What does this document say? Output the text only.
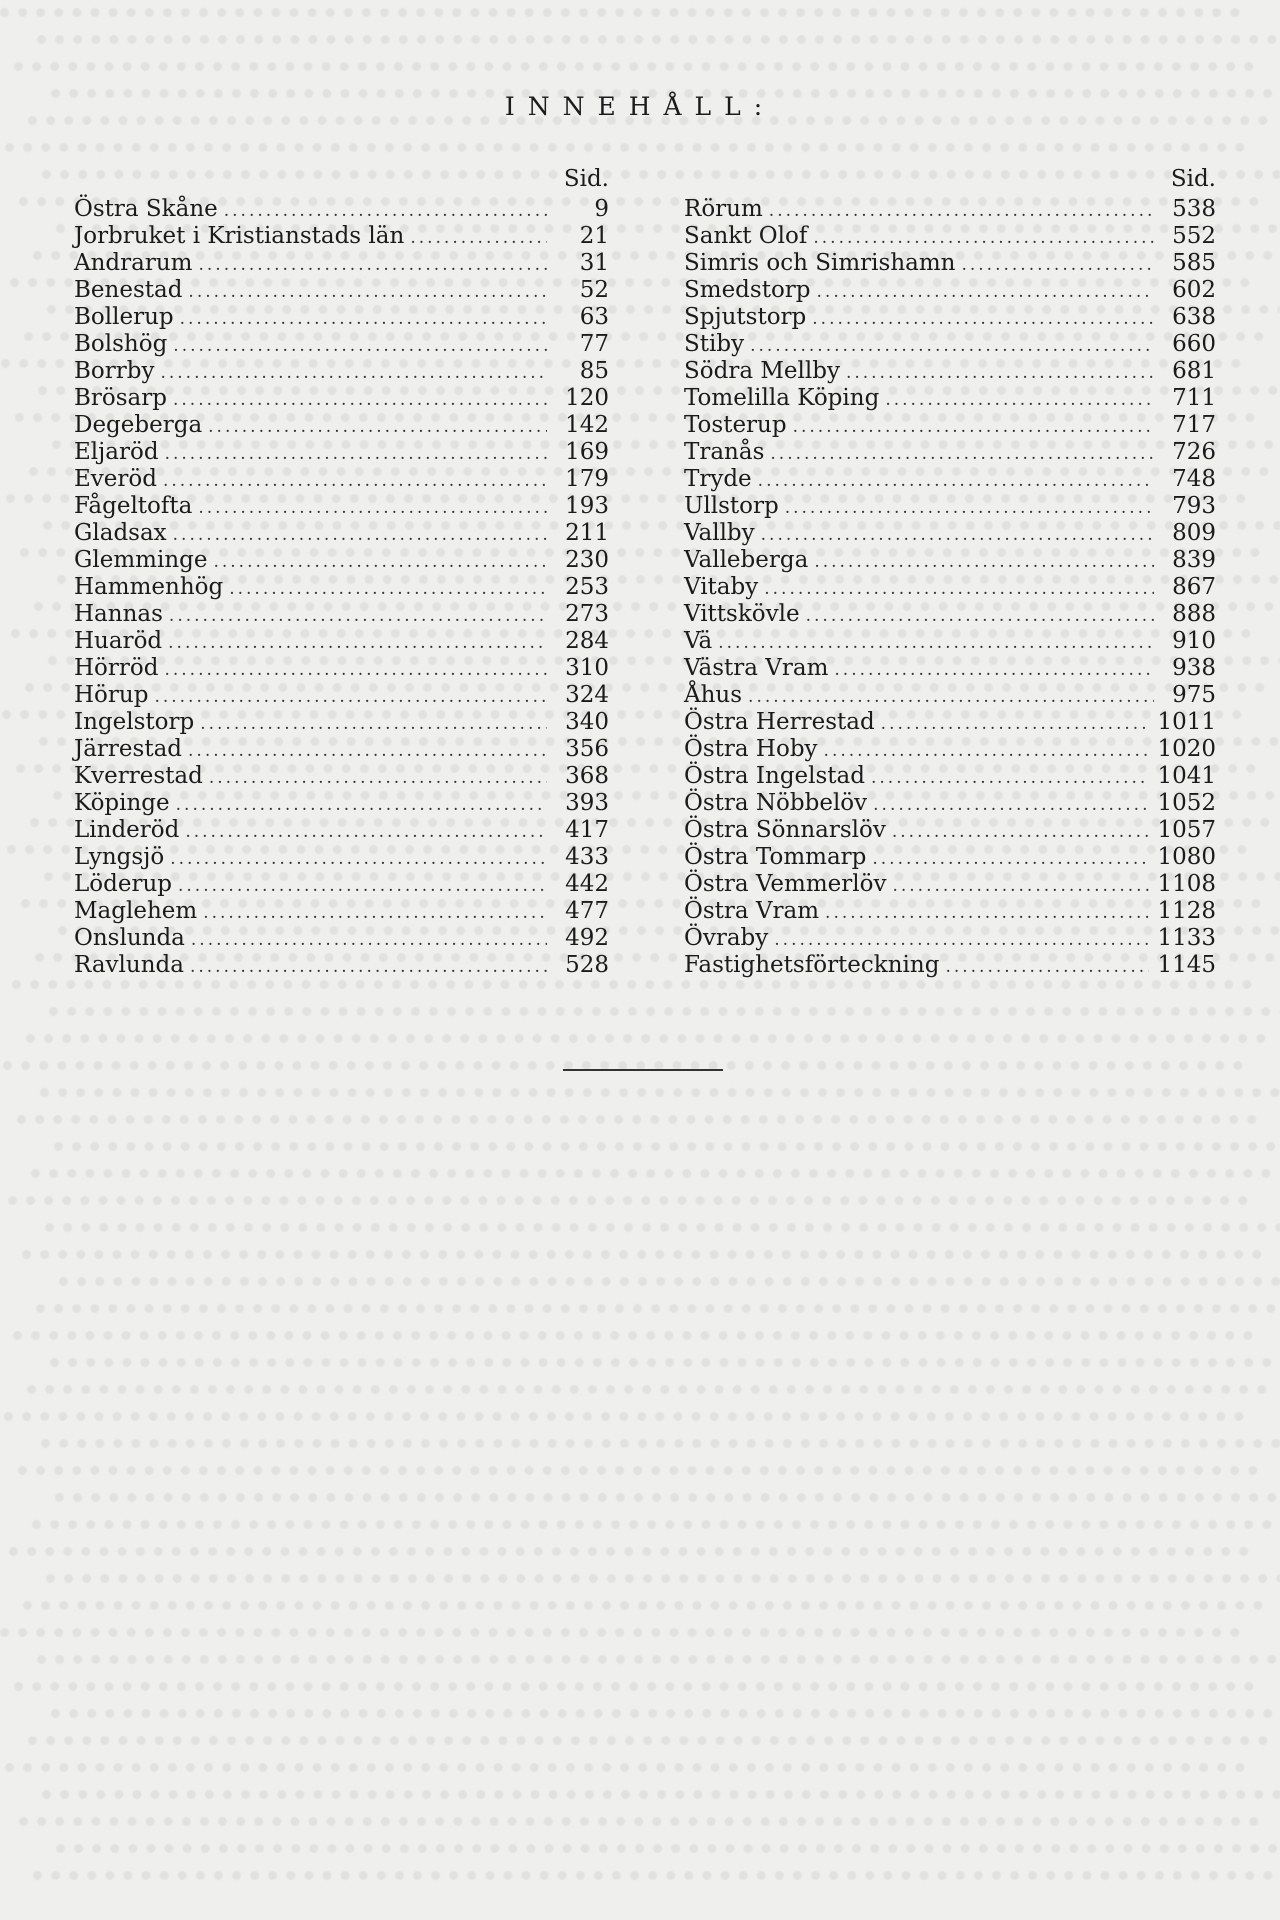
INNEHÅLL:
Sid.
Östra Skåne .....	9
Jorbruket i Kristianstads län .....	21
Andrarum .....	31
Benestad .....	52
Bollerup .....	63
Bolshög .....	77
Borrby .....	85
Brösarp .....	120
Degeberga .....	142
Eljaröd .....	169
Everöd .....	179
Fågeltofta .....	193
Gladsax .....	211
Glemminge .....	230
Hammenhög .....	253
Hannas .....	273
Huaröd .....	284
Hörröd .....	310
Hörup .....	324
Ingelstorp .....	340
Järrestad .....	356
Kverrestad .....	368
Köpinge .....	393
Linderöd .....	417
Lyngsjö .....	433
Löderup .....	442
Maglehem .....	477
Onslunda .....	492
Ravlunda .....	528
Sid.
Rörum .....	538
Sankt Olof .....	552
Simris och Simrishamn .....	585
Smedstorp .....	602
Spjutstorp .....	638
Stiby .....	660
Södra Mellby .....	681
Tomelilla Köping .....	711
Tosterup .....	717
Tranås .....	726
Tryde .....	748
Ullstorp .....	793
Vallby .....	809
Valleberga .....	839
Vitaby .....	867
Vittskövle .....	888
Vä .....	910
Västra Vram .....	938
Åhus .....	975
Östra Herrestad .....	1011
Östra Hoby .....	1020
Östra Ingelstad .....	1041
Östra Nöbbelöv .....	1052
Östra Sönnarslöv .....	1057
Östra Tommarp .....	1080
Östra Vemmerlöv .....	1108
Östra Vram .....	1128
Övraby .....	1133
Fastighetsförteckning .....	1145
